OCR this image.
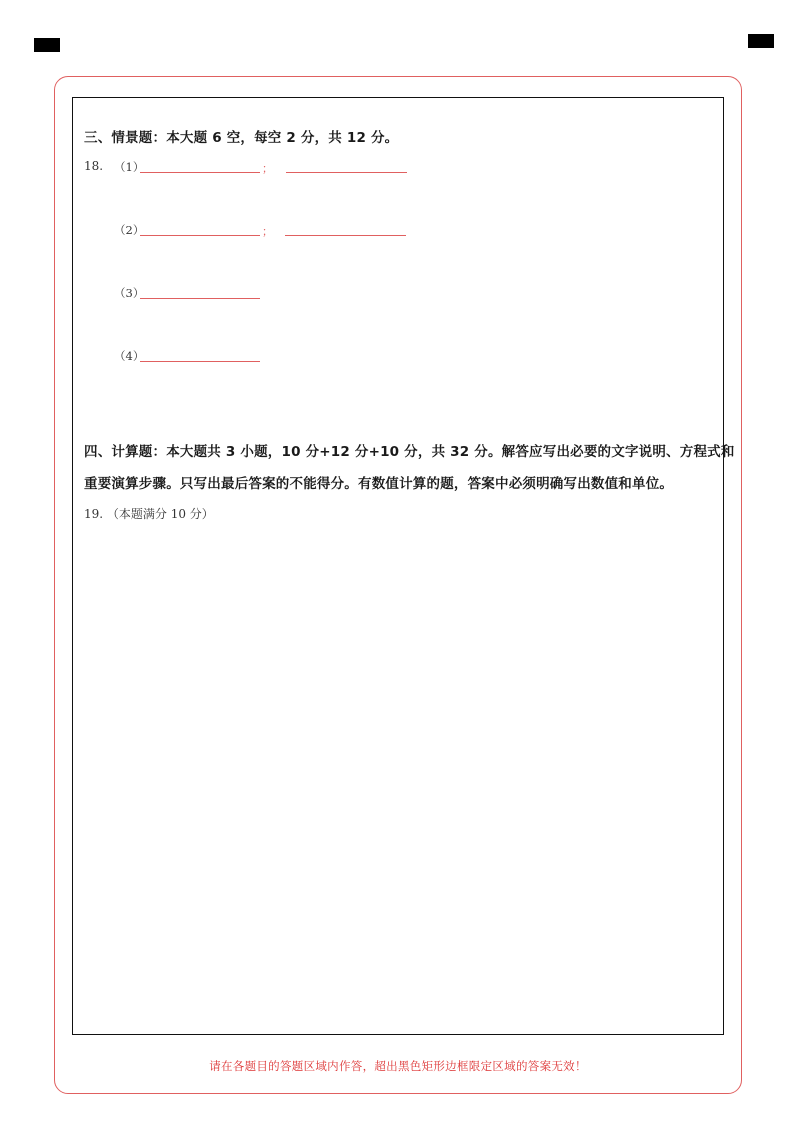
三、情景题：本大题 6 空，每空 2 分，共 12 分。
18. （1）	；
（2）	；
（3）
（4）
四、计算题：本大题共 3 小题，10 分+12 分+10 分，共 32 分。解答应写出必要的文字说明、方程式和
重要演算步骤。只写出最后答案的不能得分。有数值计算的题，答案中必须明确写出数值和单位。
19. （本题满分 10 分）
请在各题目的答题区域内作答，超出黑色矩形边框限定区域的答案无效！
